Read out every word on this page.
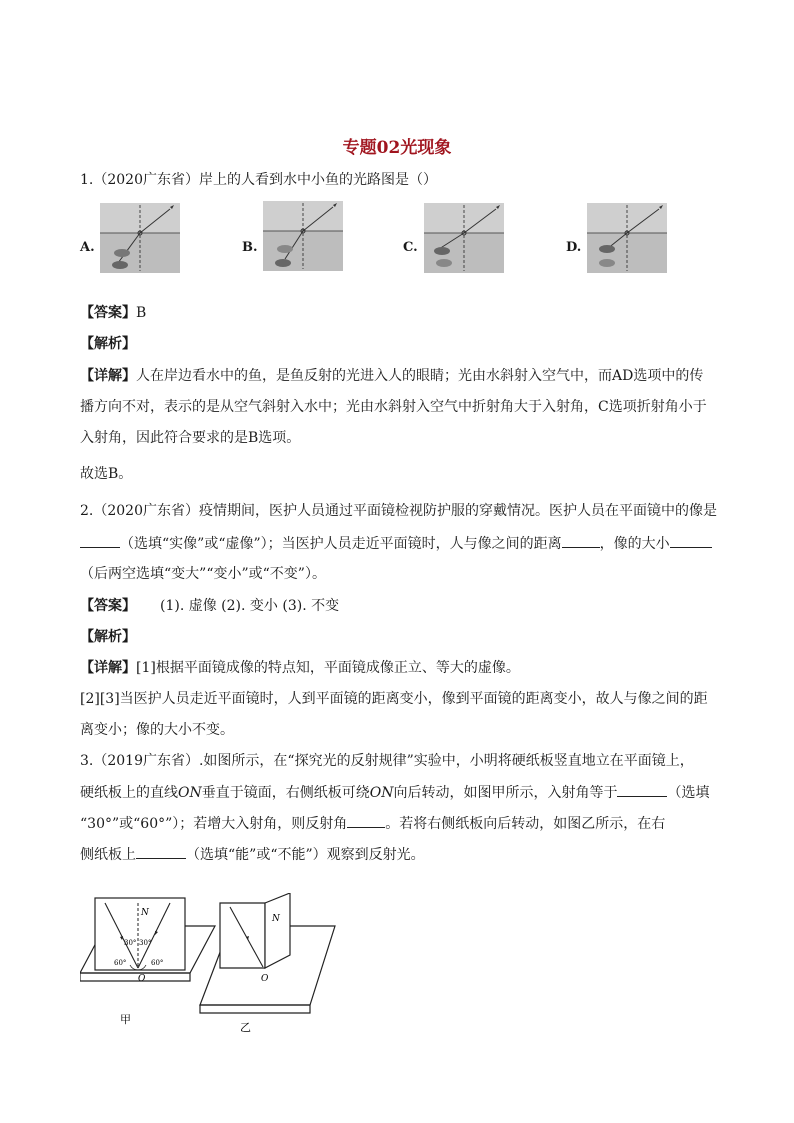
专题02光现象
1.（2020广东省）岸上的人看到水中小鱼的光路图是（）
A.	B.	C.	D.
【答案】B
【解析】
【详解】人在岸边看水中的鱼，是鱼反射的光进入人的眼睛；光由水斜射入空气中，而AD选项中的传
播方向不对，表示的是从空气斜射入水中；光由水斜射入空气中折射角大于入射角，C选项折射角小于
入射角，因此符合要求的是B选项。
故选B。
2.（2020广东省）疫情期间，医护人员通过平面镜检视防护服的穿戴情况。医护人员在平面镜中的像是
（选填“实像”或“虚像”）；当医护人员走近平面镜时，人与像之间的距离	，像的大小
（后两空选填“变大”“变小”或“不变”）。
【答案】 (1). 虚像 (2). 变小 (3). 不变
【解析】
【详解】[1]根据平面镜成像的特点知，平面镜成像正立、等大的虚像。
[2][3]当医护人员走近平面镜时，人到平面镜的距离变小，像到平面镜的距离变小，故人与像之间的距
离变小；像的大小不变。
3.（2019广东省）.如图所示，在“探究光的反射规律”实验中，小明将硬纸板竖直地立在平面镜上，
硬纸板上的直线ON垂直于镜面，右侧纸板可绕ON向后转动，如图甲所示，入射角等于	（选填
“30°”或“60°”）；若增大入射角，则反射角	。若将右侧纸板向后转动，如图乙所示，在右
侧纸板上	（选填“能”或“不能”）观察到反射光。
N
O
30° 30°
60°	60°
甲
N
O
乙
